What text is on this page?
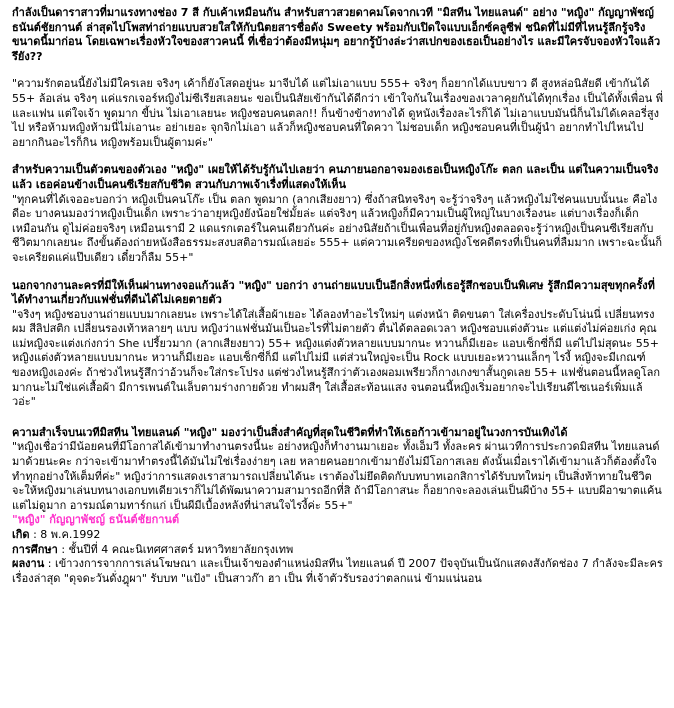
กำลังเป็นดาราสาวที่มาแรงทางช่อง 7 สี กับเค้าเหมือนกัน สำหรับสาวสวยดาคมโดจากเวที "มิสทีน ไทยแลนด์" อย่าง "หญิง" กัญญาพัชญ์ ธนันต์ชัยกานต์ ล่าสุดไปโพสท่าถ่ายแบบสวยใสให้กับนิตยสารชื่อดัง Sweety พร้อมกับเปิดใจแบบเอ็กซ์คลูซีฟ ชนิดที่ไม่มีที่ไหนรู้ลึกรู้จริงขนาดนี้มาก่อน โดยเฉพาะเรื่องหัวใจของสาวคนนี้ ที่เชื่อว่าต้องมีหนุ่มๆ อยากรู้บ้างล่ะว่าสเปกของเธอเป็นอย่างไร และมีใครจับจองหัวใจแล้วรึยัง??

"ความรักตอนนี้ยังไม่มีใครเลย จริงๆ เค้าก็ยังโสดอยู่นะ มาจีบได้ แต่ไม่เอาแบบ 555+ จริงๆ ก็อยากได้แบบขาว ดี สูงหล่อนิสัยดี เข้ากันได้ 55+ ล้อเล่น จริงๆ แค่แรกเจอร์หญิงไม่ซีเรียสเลยนะ ขอเป็นนิสัยเข้ากันได้ดีกว่า เข้าใจกันในเรื่องของเวลาคุยกันได้ทุกเรื่อง เป็นได้ทั้งเพื่อน พี่และแฟน แต่ใจเจ้า พูดมาก ขี้บ่น ไม่เอาเลยนะ หญิงชอบคนตลก!! ก็นข้างข้างทางได้ ดูหนังเรื่องละไรก็ได้ ไม่เอาแบบมันนี่ก็นไม่ได้เคลอรี่สูงไป หรือห้ามหญิงห้ามนี่ไม่เอานะ อย่าเยอะ จุกจิกไม่เอา แล้วก็หญิงชอบคนที่ใดควา ไม่ชอบเด็ก หญิงชอบคนที่เป็นผู้นำ อยากทำไปไหนไป อยากกินอะไรก็กิน หญิงพร้อมเป็นผู้ตามค่ะ"

สำหรับความเป็นตัวตนของตัวเอง "หญิง" เผยให้ได้รับรู้กันไปเลยว่า คนภายนอกอาจมองเธอเป็นหญิงโก๊ะ ตลก และเป็น แต่ในความเป็นจริงแล้ว เธอค่อนข้างเป็นคนซีเรียสกับชีวิต สวนกับภาพเจ้าเรื่งที่แสดงให้เห็น

"ทุกคนที่ได้เจออะบอกว่า หญิงเป็นคนโก๊ะ เป็น ตลก พูดมาก (ลากเสียงยาว) ซึ่งถ้าสนิทจริงๆ จะรู้ว่าจริงๆ แล้วหญิงไม่ใช่คนแบบนั้นนะ คือไงดีอะ บางคนมองว่าหญิงเป็นเด็ก เพราะว่าอายุหญิงยังน้อยใช่มั้ยล่ะ แต่จริงๆ แล้วหญิงก็มีความเป็นผู้ใหญ่ในบางเรื่องนะ แต่บางเรื่องก็เด็กเหมือนกัน ดูไม่ค่อยจริงๆ เหมือนเรามี 2 แดแรกเตอร์ในคนเดียวกันค่ะ อย่างนิสัยถ้าเป็นเพื่อนที่อยู่กับหญิงตลอดจะรู้ว่าหญิงเป็นคนซีเรียสกับชีวิตมากเลยนะ ถึงขั้นต้องถ่ายหนังสือธรรมะสงบสติอารมณ์เลยอ่ะ 555+ แต่ความเครียดของหญิงโชคดีตรงที่เป็นคนที่ลืมมาก เพราะฉะนั้นก็จะเครียดแค่แป๊บเดียว เดี๋ยวก็ลืม 55+"

นอกจากงานละครที่มีให้เห็นผ่านทางจอแก้วแล้ว "หญิง" บอกว่า งานถ่ายแบบเป็นอีกสิ่งหนึ่งที่เธอรู้สึกชอบเป็นพิเศษ รู้สึกมีความสุขทุกครั้งที่ได้ทำงานเกี่ยวกับแฟชั่นที่ดีนได้ไม่เคยตายตัว

"จริงๆ หญิงชอบงานถ่ายแบบมากเลยนะ เพราะได้ใส่เสื้อผ้าเยอะ ได้ลองทำอะไรใหม่ๆ แต่งหน้า ติดขนตา ใส่เครื่องประดับโน่นนี่ เปลี่ยนทรงผม สีลิปสติก เปลี่ยนรองเท้าหลายๆ แบบ หญิงว่าแฟชั่นมันเป็นอะไรที่ไม่ตายตัว ตื่นได้ตลอดเวลา หญิงชอบแต่งตัวนะ แต่แต่งไม่ค่อยเก่ง คุณแม่หญิงจะแต่งเก่งกว่า She เปรี้ยวมาก (ลากเสียงยาว) 55+ หญิงแต่งตัวหลายแบบมากนะ หวานก็มีเยอะ แอบเซ็กซี่ก็มี แต่ไปไม่สุดนะ 55+ หญิงแต่งตัวหลายแบบมากนะ หวานก็มีเยอะ แอบเซ็กซี่ก็มี แต่ไปไม่มี แต่ส่วนใหญ่จะเป็น Rock แบบเยอะหวานแล็กๆ ไรงี้ หญิงจะมีเกณฑ์ของหญิงเองค่ะ ถ้าช่วงไหนรู้สึกว่าอ้วนก็จะใส่กระโปรง แต่ช่วงไหนรู้สึกว่าตัวเองผอมเพรียวก็กางเกงขาสั้นกูดเลย 55+ แฟชั่นตอนนี้หลดูโลกมากนะไม่ใช่แค่เสื้อผ้า มีการเพนต์ในเล็บตามร่างกายด้วย ทำผมสีๆ ใส่เสื้อสะท้อนแสง จนตอนนี้หญิงเริ่มอยากจะไปเรียนดีไซเนอร์เพิ่มแล้วอ่ะ"

ความสำเร็จบนเวทีมิสทีน ไทยแลนด์ "หญิง" มองว่าเป็นสิ่งสำคัญที่สุดในชีวิตที่ทำให้เธอก้าวเข้ามาอยู่ในวงการบันเทิงได้

"หญิงเชื่อว่ามีน้อยคนที่มีโอกาสได้เข้ามาทำงานตรงนี้นะ อย่างหญิงก็ทำงานมาเยอะ ทั้งเอ็มวี ทั้งละคร ผ่านเวทีการประกวดมิสทีน ไทยแลนด์ มาด้วยนะคะ กว่าจะเข้ามาทำตรงนี้ได้มันไม่ใช่เรื่องง่ายๆ เลย หลายคนอยากเข้ามายังไม่มีโอกาสเลย ดังนั้นเมื่อเราได้เข้ามาแล้วก็ต้องตั้งใจทำทุกอย่างให้เต็มที่ค่ะ" หญิงว่าการแสดงเราสามารถเปลี่ยนได้นะ เราต้องไม่ยึดติดกับบทบาทเอกสิการได้รับบทใหม่ๆ เป็นสิ่งท้าทายในชีวิต จะให้หญิงมาเล่นบทนางเอกบทเดียวเราก็ไม่ได้พัฒนาความสามารถอีกที่สิ ถ้ามีโอกาสนะ ก็อยากจะลองเล่นเป็นผีบ้าง 55+ แบบผีอาฆาตแค้น แต่ไม่ดูมาก อารมณ์ตามทาร์กแก่ เป็นผีมีเบื้องหลังที่น่าสนใจไรงี้ค่ะ 55+"

"หญิง" กัญญาพัชญ์ ธนันต์ชัยกานต์

เกิด : 8 พ.ค.1992

การศึกษา : ชั้นปีที่ 4 คณะนิเทศศาสตร์ มหาวิทยาลัยกรุงเทพ

ผลงาน : เข้าวงการจากการเล่นโฆษณา และเป็นเจ้าของตำแหน่งมิสทีน ไทยแลนด์ ปี 2007 ปัจจุบันเป็นนักแสดงสังกัดช่อง 7 กำลังจะมีละครเรื่องล่าสุด "ดุจดะวันดั่งฎุผา" รับบท "แป้ง" เป็นสาวก๊า ฮา เป็น ที่เจ้าตัวรับรองว่าตลกแน่ ข้ามแน่นอน
